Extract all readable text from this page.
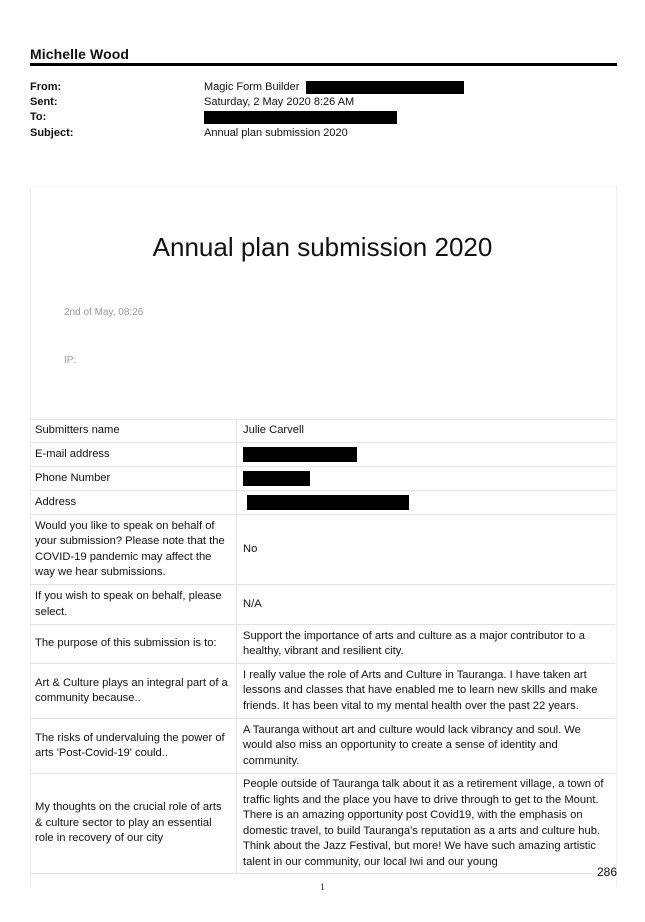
Michelle Wood
From:	Magic Form Builder
Sent:	Saturday, 2 May 2020 8:26 AM
To:
Subject:	Annual plan submission 2020
Annual plan submission 2020
2nd of May, 08:26
IP:
Submitters name	Julie Carvell
E-mail address	
Phone Number	
Address	
Would you like to speak on behalf of your submission? Please note that the COVID-19 pandemic may affect the way we hear submissions.	No
If you wish to speak on behalf, please select.	N/A
The purpose of this submission is to:	Support the importance of arts and culture as a major contributor to a healthy, vibrant and resilient city.
Art & Culture plays an integral part of a community because..	I really value the role of Arts and Culture in Tauranga. I have taken art lessons and classes that have enabled me to learn new skills and make friends. It has been vital to my mental health over the past 22 years.
The risks of undervaluing the power of arts 'Post-Covid-19' could..	A Tauranga without art and culture would lack vibrancy and soul. We would also miss an opportunity to create a sense of identity and community.
My thoughts on the crucial role of arts & culture sector to play an essential role in recovery of our city	People outside of Tauranga talk about it as a retirement village, a town of traffic lights and the place you have to drive through to get to the Mount. There is an amazing opportunity post Covid19, with the emphasis on domestic travel, to build Tauranga's reputation as a arts and culture hub. Think about the Jazz Festival, but more! We have such amazing artistic talent in our community, our local Iwi and our young
1
286
